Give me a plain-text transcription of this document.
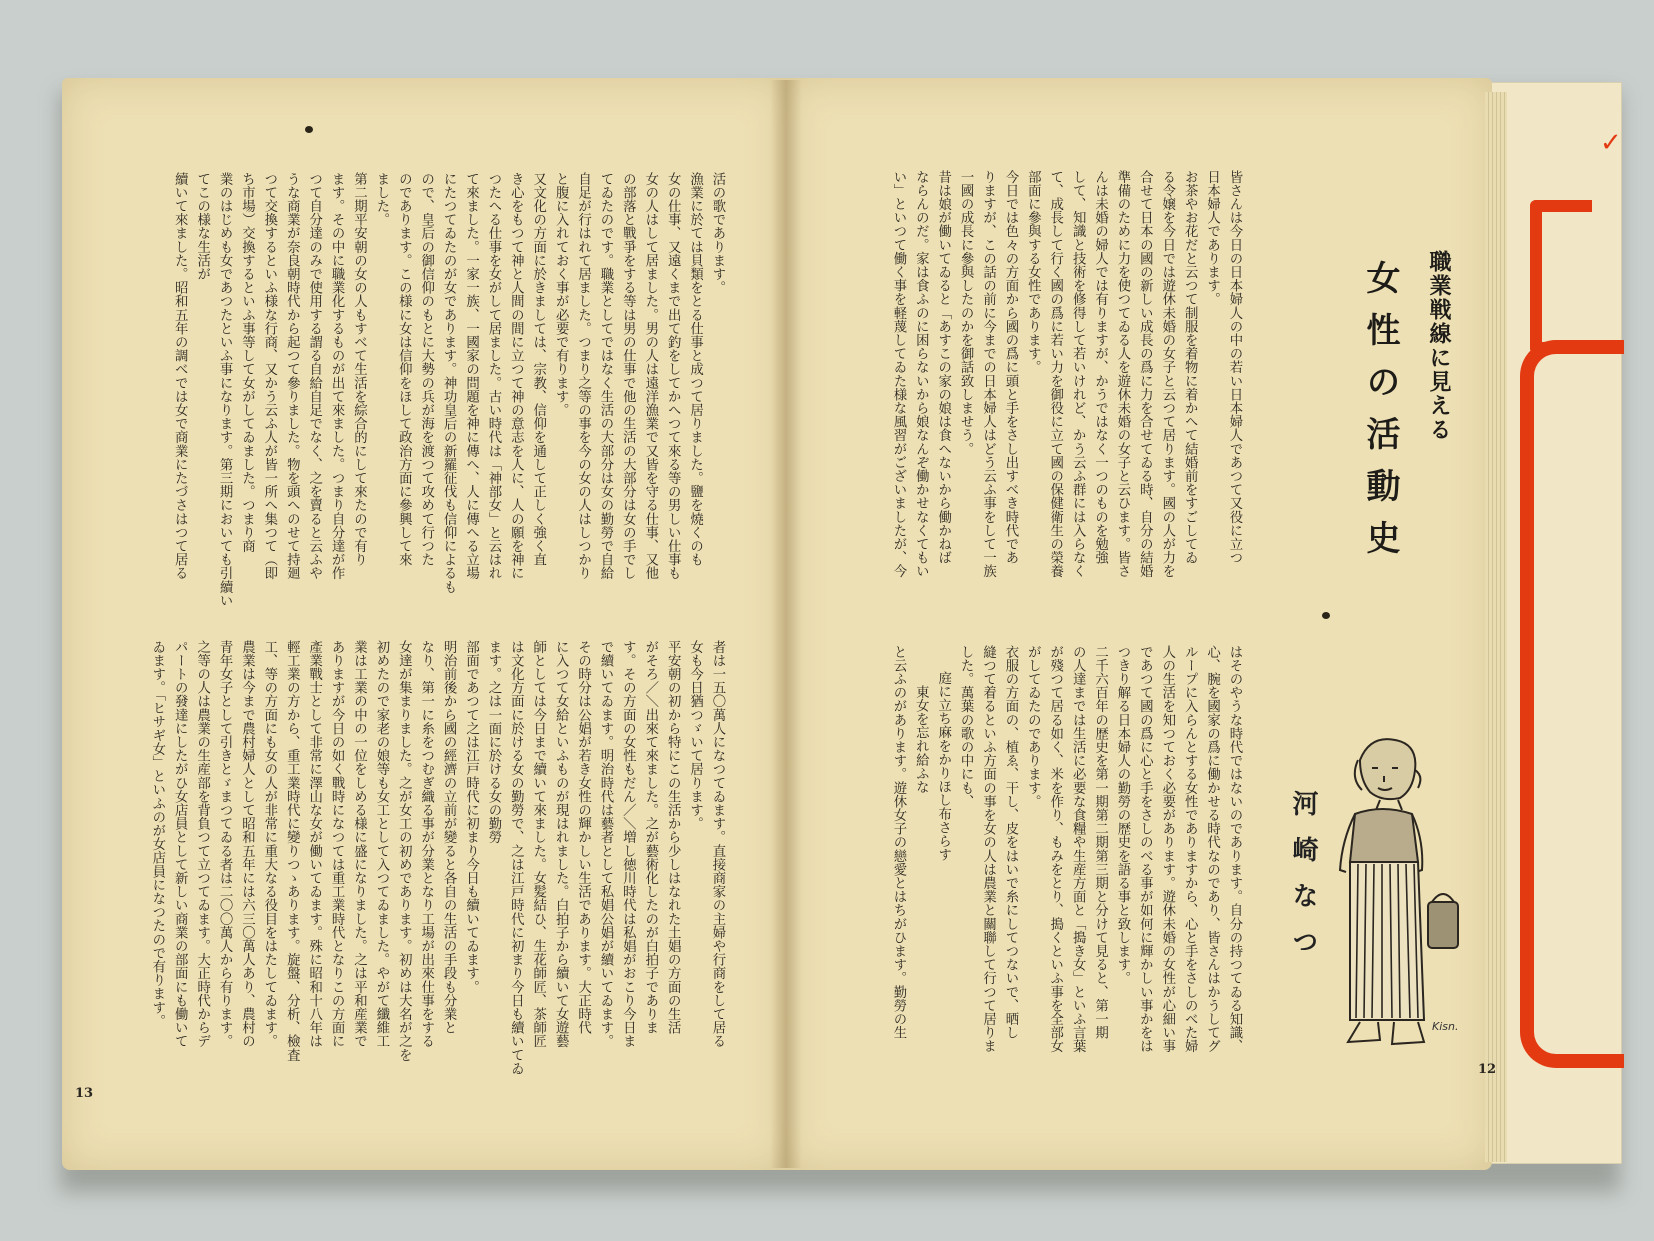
✓
職業戦線に見える
女性の活動史
皆さんは今日の日本婦人の中の若い日本婦人であつて又役に立つ
日本婦人であります。
お茶やお花だと云つて制服を着物に着かへて結婚前をすごしてゐ
る令嬢を今日では遊休未婚の女子と云つて居ります。國の人が力を
合せて日本の國の新しい成長の爲に力を合せてゐる時、自分の結婚
準備のために力を使つてゐる人を遊休未婚の女子と云ひます。皆さ
んは未婚の婦人では有りますが、かうではなく一つのものを勉強
して、知識と技術を修得して若いけれど、かう云ふ群には入らなく
て、成長して行く國の爲に若い力を御役に立て國の保健衛生の榮養
部面に參與する女性であります。
今日では色々の方面から國の爲に頭と手をさし出すべき時代であ
りますが、この話の前に今までの日本婦人はどう云ふ事をして一族
一國の成長に參與したのかを御話致しませう。
昔は娘が働いてゐると「あすこの家の娘は食へないから働かねば
ならんのだ。家は食ふのに困らないから娘なんぞ働かせなくてもい
い」といつて働く事を軽蔑してゐた様な風習がございましたが、今
はそのやうな時代ではないのであります。自分の持つてゐる知識、
心、腕を國家の爲に働かせる時代なのであり、皆さんはかうしてグ
ループに入らんとする女性でありますから、心と手をさしのべた婦
人の生活を知つておく必要があります。遊休未婚の女性が心細い事
であつて國の爲に心と手をさしのべる事が如何に輝かしい事かをは
つきり解る日本婦人の勤勞の歴史を語る事と致します。
二千六百年の歴史を第一期第二期第三期と分けて見ると、第一期
の人達までは生活に必要な食糧や生産方面と「搗き女」といふ言葉
が殘つて居る如く、米を作り、もみをとり、搗くといふ事を全部女
がしてゐたのであります。
衣服の方面の、植ゑ、干し、皮をはいで糸にしてつないで、晒し
縫つて着るといふ方面の事を女の人は農業と關聯して行つて居りま
した。萬葉の歌の中にも、
庭に立ち麻をかりほし布さらす
東女を忘れ給ふな
と云ふのがあります。遊休女子の戀愛とはちがひます。勤勞の生	河崎なつ
Kisn.
12
活の歌であります。
漁業に於ては貝類をとる仕事と成つて居りました。鹽を燒くのも
女の仕事、又遠くまで出て釣をしてかへつて來る等の男しい仕事も
女の人はして居ました。男の人は遠洋漁業で又皆を守る仕事、又他
の部落と戰爭をする等は男の仕事で他の生活の大部分は女の手でし
てゐたのです。職業としてではなく生活の大部分は女の勤勞で自給
自足が行はれて居ました。つまり之等の事を今の女の人はしつかり
と腹に入れておく事が必要で有ります。
又文化の方面に於きましては、宗教、信仰を通して正しく強く直
き心をもつて神と人間の間に立つて神の意志を人に、人の願を神に
つたへる仕事を女がして居ました。古い時代は「神部女」と云はれ
て來ました。一家一族、一國家の問題を神に傳へ、人に傳へる立場
にたつてゐたのが女であります。神功皇后の新羅征伐も信仰によるも
ので、皇后の御信仰のもとに大勢の兵が海を渡つて攻めて行つた
のであります。この様に女は信仰をほして政治方面に參興して來
ました。
第二期平安朝の女の人もすべて生活を綜合的にして來たので有り
ます。その中に職業化するものが出て來ました。つまり自分達が作
つて自分達のみで使用する謂る自給自足でなく、之を賣ると云ふや
うな商業が奈良朝時代から起つて參りました。物を頭へのせて持廻
つて交換するといふ様な行商、又かう云ふ人が皆一所へ集つて（即
ち市場）交換するといふ事等して女がしてゐました。つまり商
業のはじめも女であつたといふ事になります。第三期においても引續いてこの様な生活が
續いて來ました。昭和五年の調べでは女で商業にたづさはつて居る
者は一五〇萬人になつてゐます。直接商家の主婦や行商をして居る
女も今日猶つゞいて居ります。
平安朝の初から特にこの生活から少しはなれた土娼の方面の生活
がそろ／＼出來て來ました。之が藝術化したのが白拍子でありま
す。その方面の女性もだん／＼増し徳川時代は私娼がおこり今日ま
で續いてゐます。明治時代は藝者として私娼公娼が續いてゐます。
その時分は公娼が若き女性の輝かしい生活であります。大正時代
に入つて女給といふものが現はれました。白拍子から續いて女遊藝
師としては今日まで續いて來ました。女髪結ひ、生花師匠、茶師匠
は文化方面に於ける女の勤勞で、之は江戸時代に初まり今日も續いてゐます。之は一面に於ける女の勤勞
部面であつて之は江戸時代に初まり今日も續いてゐます。
明治前後から國の經濟の立前が變ると各自の生活の手段も分業と
なり、第一に糸をつむぎ織る事が分業となり工場が出來仕事をする
女達が集まりました。之が女工の初めであります。初めは大名が之を
初めたので家老の娘等も女工として入つてゐました。やがて纖維工
業は工業の中の一位をしめる様に盛になりました。之は平和産業で
ありますが今日の如く戰時になつては重工業時代となりこの方面に
產業戰士として非常に澤山な女が働いてゐます。殊に昭和十八年は
輕工業の方から、重工業時代に變りつゝあります。旋盤、分析、檢査
工、等の方面にも女の人が非常に重大なる役目をはたしてゐます。
農業は今まで農村婦人として昭和五年には六三〇萬人あり、農村の
青年女子として引きとゞまつてゐる者は二〇〇萬人から有ります。
之等の人は農業の生産部を背負つて立つてゐます。大正時代からデ
パートの發達にしたがひ女店員として新しい商業の部面にも働いて
ゐます。「ヒサギ女」といふのが女店員になつたので有ります。
13
